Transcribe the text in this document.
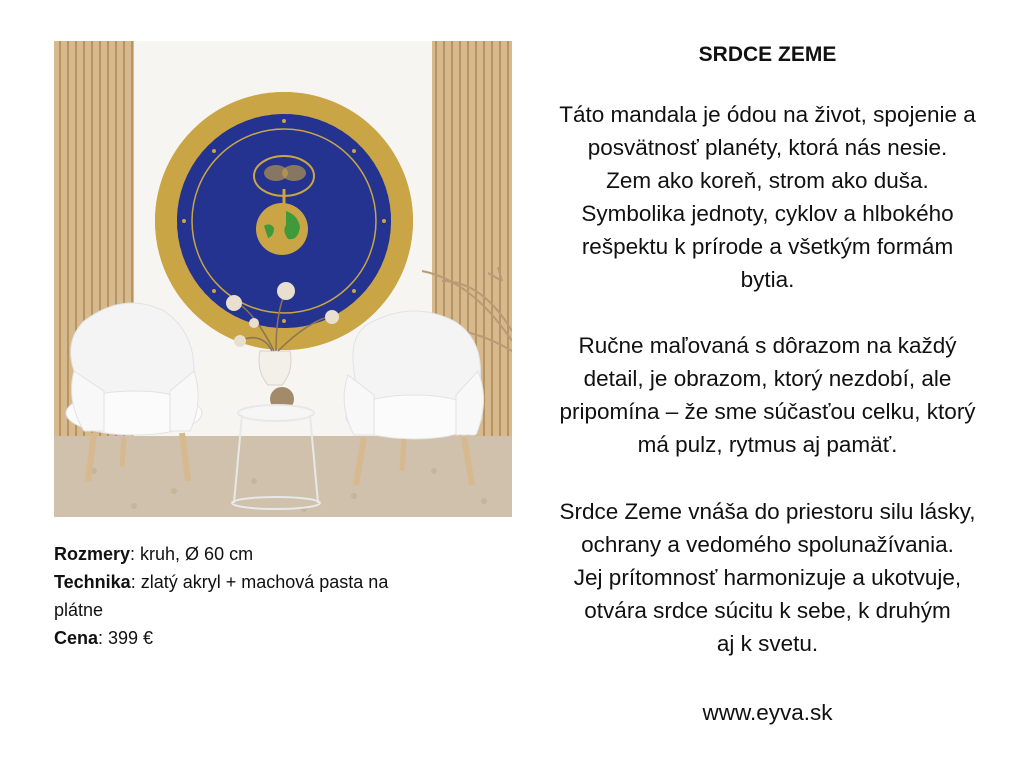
Rozmery: kruh, Ø 60 cm
Technika: zlatý akryl + machová pasta na
plátne
Cena: 399 €
SRDCE ZEME

Táto mandala je ódou na život, spojenie a
posvätnosť planéty, ktorá nás nesie.
Zem ako koreň, strom ako duša.
Symbolika jednoty, cyklov a hlbokého
rešpektu k prírode a všetkým formám
bytia.

Ručne maľovaná s dôrazom na každý
detail, je obrazom, ktorý nezdobí, ale
pripomína – že sme súčasťou celku, ktorý
má pulz, rytmus aj pamäť.

Srdce Zeme vnáša do priestoru silu lásky,
ochrany a vedomého spolunažívania.
Jej prítomnosť harmonizuje a ukotvuje,
otvára srdce súcitu k sebe, k druhým
aj k svetu.

www.eyva.sk
